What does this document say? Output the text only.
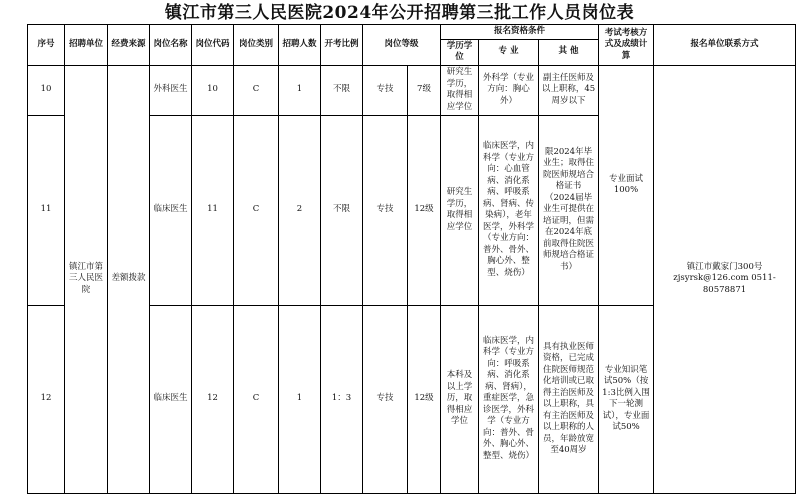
镇江市第三人民医院2024年公开招聘第三批工作人员岗位表
序号	招聘单位	经费来源	岗位名称	岗位代码	岗位类别	招聘人数	开考比例	岗位等级		报名资格条件			考试考核方式及成绩计算	报名单位联系方式
										学历学位	专 业	其 他		
10	镇江市第三人民医院	差额拨款	外科医生	10	C	1	不限	专技	7级	研究生学历，取得相应学位	外科学（专业方向：胸心外）	副主任医师及以上职称，45周岁以下	专业面试100%	镇江市戴家门300号 zjsyrsk@126.com 0511-80578871
11			临床医生	11	C	2	不限	专技	12级	研究生学历，取得相应学位	临床医学，内科学（专业方向：心血管病、消化系病、呼吸系病、肾病、传染病），老年医学，外科学（专业方向：普外、骨外、胸心外、整型、烧伤）	限2024年毕业生；取得住院医师规培合格证书（2024届毕业生可提供在培证明，但需在2024年底前取得住院医师规培合格证书）		
12			临床医生	12	C	1	1：3	专技	12级	本科及以上学历，取得相应学位	临床医学，内科学（专业方向：呼吸系病、消化系病、肾病），重症医学，急诊医学，外科学（专业方向：普外、骨外、胸心外、整型、烧伤）	具有执业医师资格，已完成住院医师规范化培训或已取得主治医师及以上职称，具有主治医师及以上职称的人员，年龄放宽至40周岁	专业知识笔试50%（按1:3比例入围下一轮测试），专业面试50%	
